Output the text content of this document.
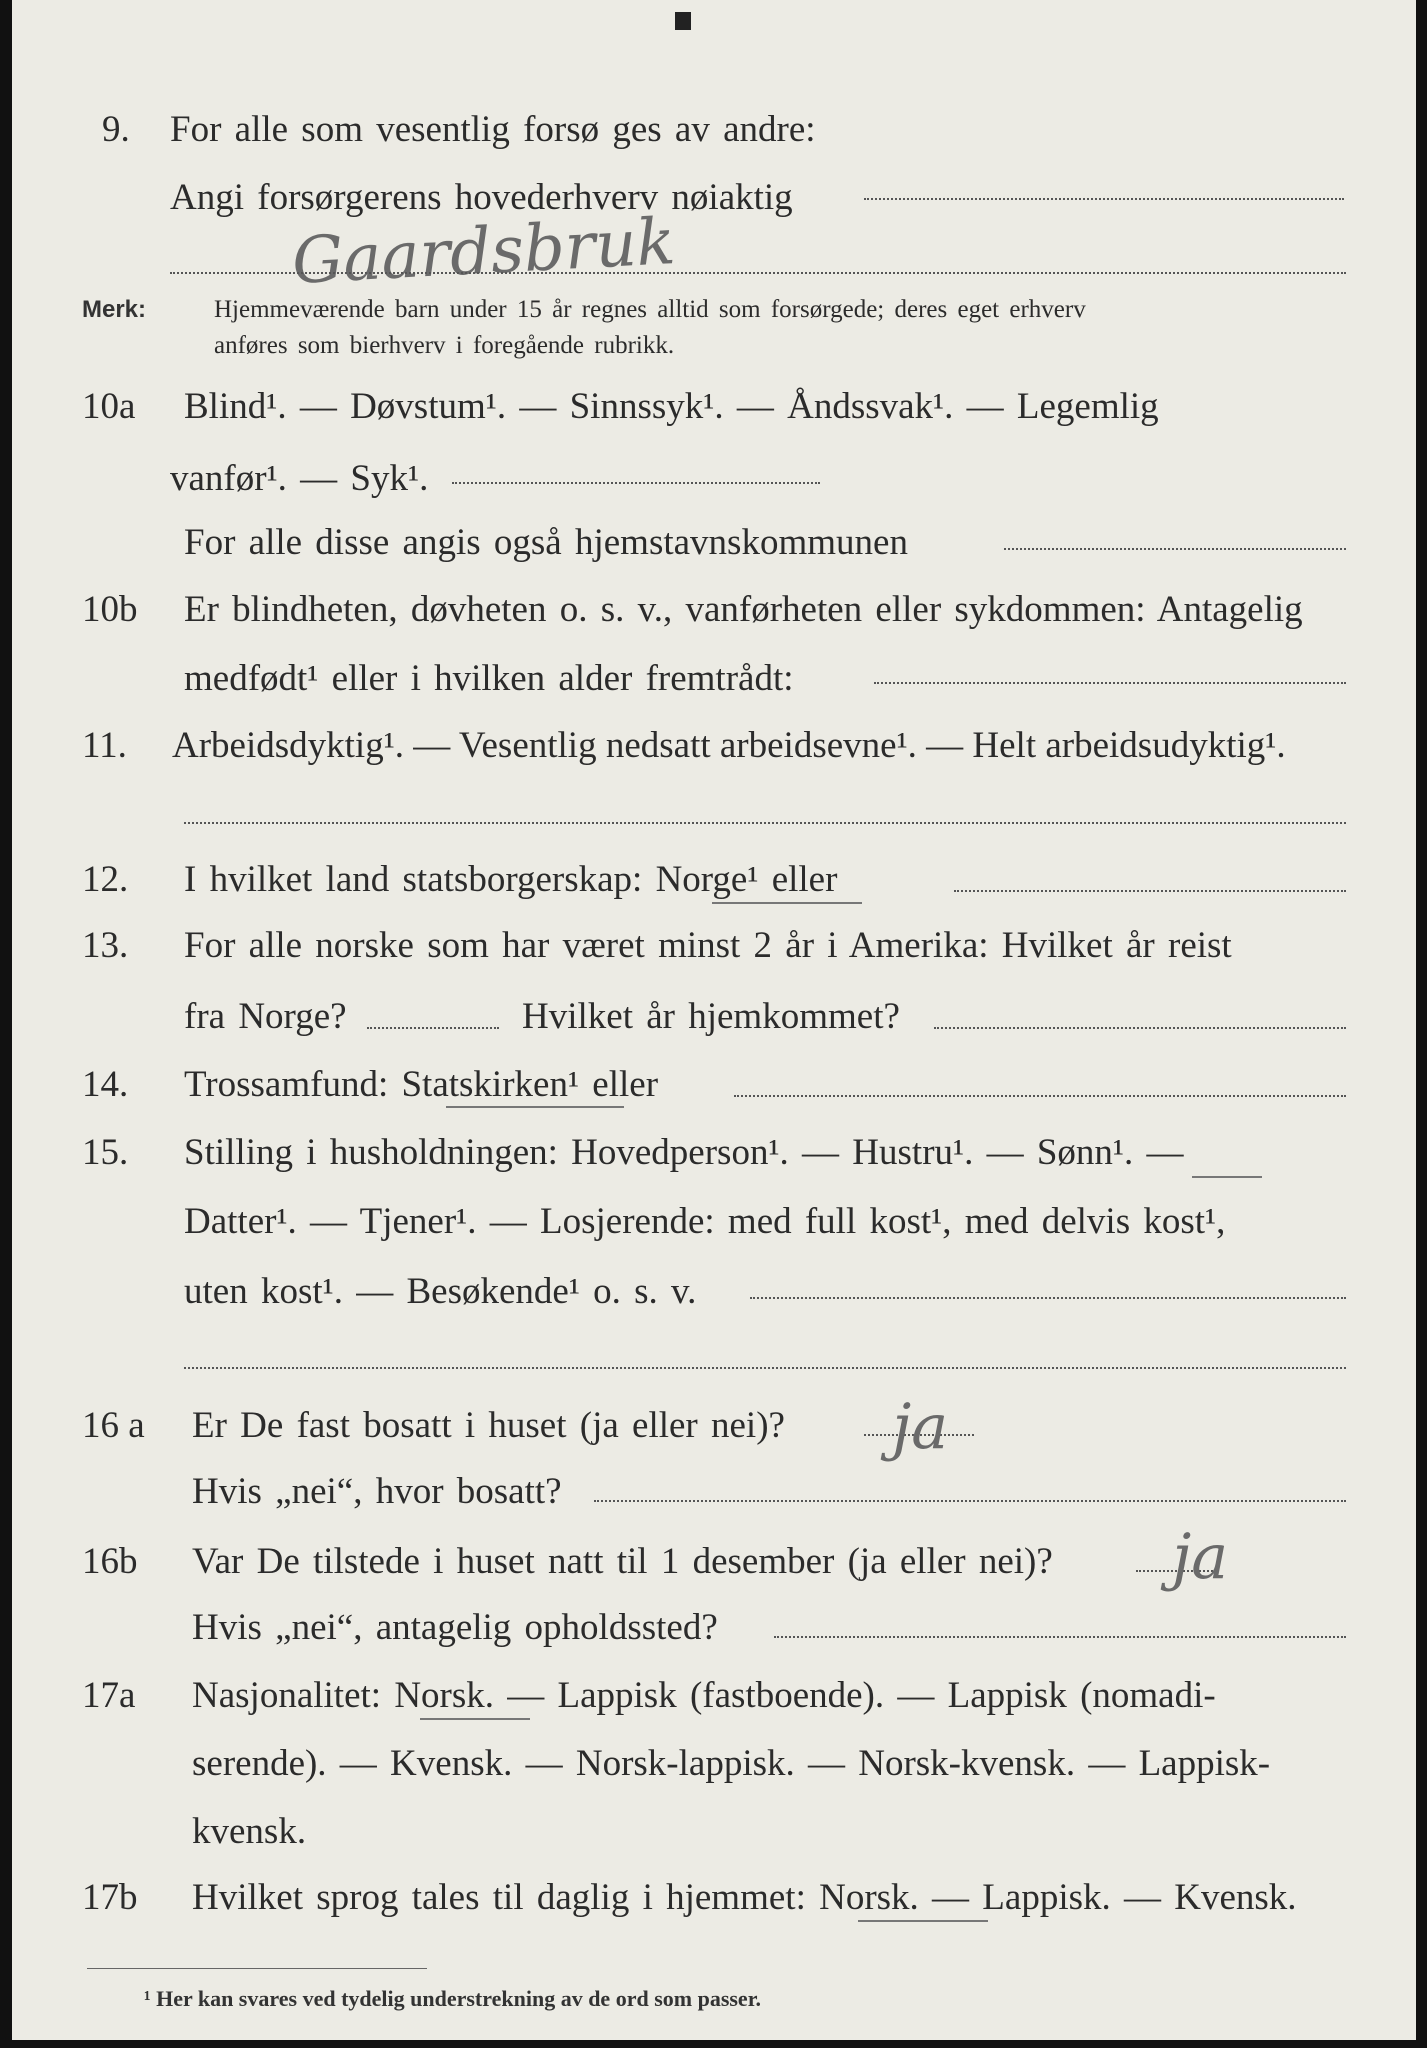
9. For alle som vesentlig forsø ges av andre:
Angi forsørgerens hovederhverv nøiaktig
Gaardsbruk
Merk:	Hjemmeværende barn under 15 år regnes alltid som forsørgede; deres eget erhverv
anføres som bierhverv i foregående rubrikk.
10a Blind¹. — Døvstum¹. — Sinnssyk¹. — Åndssvak¹. — Legemlig
vanfør¹. — Syk¹.
For alle disse angis også hjemstavnskommunen
10b Er blindheten, døvheten o. s. v., vanførheten eller sykdommen: Antagelig
medfødt¹ eller i hvilken alder fremtrådt:
11. Arbeidsdyktig¹. — Vesentlig nedsatt arbeidsevne¹. — Helt arbeidsudyktig¹.
12. I hvilket land statsborgerskap: Norge¹ eller
13. For alle norske som har været minst 2 år i Amerika: Hvilket år reist
fra Norge?	Hvilket år hjemkommet?
14. Trossamfund: Statskirken¹ eller
15. Stilling i husholdningen: Hovedperson¹. — Hustru¹. — Sønn¹. —
Datter¹. — Tjener¹. — Losjerende: med full kost¹, med delvis kost¹,
uten kost¹. — Besøkende¹ o. s. v.
16 a Er De fast bosatt i huset (ja eller nei)? ja
Hvis „nei“, hvor bosatt?
16b Var De tilstede i huset natt til 1 desember (ja eller nei)? ja
Hvis „nei“, antagelig opholdssted?
17a Nasjonalitet: Norsk. — Lappisk (fastboende). — Lappisk (nomadi-
serende). — Kvensk. — Norsk-lappisk. — Norsk-kvensk. — Lappisk-
kvensk.
17b Hvilket sprog tales til daglig i hjemmet: Norsk. — Lappisk. — Kvensk.
¹ Her kan svares ved tydelig understrekning av de ord som passer.
